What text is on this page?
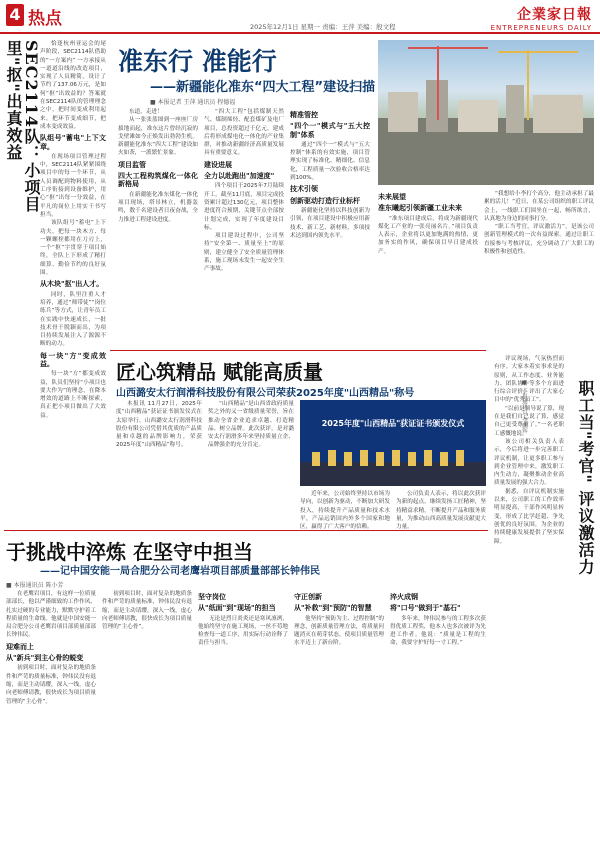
4 热点	2025年12月1日 星期一 责编：王萍 美编：殷文程
企業家日報
ENTREPRENEURS DAILY
SEC2114队：小项目里"抠"出真效益	恰逢杭州亚运会的尾声阶段，SEC2114队借助的“一方案内” 一方承接从一道道沿线的改造项目，实现了人员精简，设计了节约了137.06万元，是如何“抠”出效益的？答案就在SEC2114队的管理理念之中，把时间变成利用起来，把环节变成细节，把成本变成效益。

队组号"蓄电"上下文章。

在现场项目管理过程中，SEC2114队紧紧围绕项目中的每一个环节，从人员调配到物料使用，从工序衔接到设备维护，用心“抠”出每一分效益，在平凡的岗位上用实干书写担当。

该队组号“蓄电”上下功夫，把每一块木方、每一颗螺栓都用在刀刃上，一个“抠”字贯穿于项目始终，全队上下形成了精打细算、勤俭节约的良好氛围。

从木块"抠"出人才。

同时，队里注重人才培养，通过“师带徒”“岗位练兵”等方式，让青年员工在实践中快速成长，一批技术骨干脱颖而出，为项目持续发展注入了源源不断的动力。

每一块"方"变成效益。

每一块“方”都变成效益，队员们坚持“小项目也要大作为”的理念，在降本增效的道路上不断探索，真正把小项目做出了大效益。

准东行 准能行
——新疆能化准东“四大工程”建设扫描
■ 本报记者 王萍 通讯员 程德福

东道，走进！

从一张张蓝图到一座座厂房拔地而起，准东这片曾经沉寂的戈壁滩如今正焕发出勃勃生机。新疆能化准东“四大工程”建设如火如荼，一派繁忙景象。

项目监管
四大工程构筑煤化一体化新格局

在新疆能化准东煤化一体化项目现场，塔吊林立，机器轰鸣，数千名建设者日夜奋战，全力推进工程建设进度。

“四大工程”包括煤制天然气、煤制烯烃、配套煤矿及电厂项目，总投资超过千亿元，建成后将形成煤电化一体化的产业集群，对推动新疆经济高质量发展具有重要意义。

建设进展
全力以赴跑出"加速度"

四个项目于2025年7月陆续开工。截至11月底，项目完成投资累计超过130亿元，项目整体进度符合预期，关键节点全部按计划完成，实现了年度建设目标。

项目建设过程中，公司坚持“安全第一、质量至上”的原则，建立健全了安全质量管理体系，施工现场未发生一起安全生产事故。

精准管控
"四个一"模式与"五大控制"体系

通过“四个一”模式与“五大控制”体系的有效实施，项目管理实现了标准化、精细化、信息化，工程质量一次验收合格率达到100%。

技术引领
创新驱动打造行业标杆

新疆能化坚持以科技创新为引领，在项目建设中积极应用新技术、新工艺、新材料，多项技术达到国内领先水平。

未来展望
准东曦起引领新疆工业未来

“准东项目建成后，将成为新疆现代煤化工产业的一张亮丽名片。”项目负责人表示，企业将以更加饱满的热情、更加务实的作风，确保项目早日建成投产。

职工当"考官" 评议激活力
■ 本报通讯员 李鹏辉

“我想给小李打个高分，他主动承担了最累的活儿！”近日，在某公司组织的职工评议会上，一线职工们围坐在一起，畅所欲言，认真地为身边的同事打分。

“职工当考官，评议激活力”，是该公司创新管理模式的一次有益探索。通过让职工直接参与考核评议，充分调动了广大职工的积极性和创造性。

评议现场，气氛热烈而有序。大家本着实事求是的原则，从工作态度、业务能力、团队协作等多个方面进行综合评价，评出了大家心目中的“优秀员工”。

“以前是领导说了算，现在是我们自己说了算，感觉自己更受尊重了。”一名老职工感慨地说。

该公司相关负责人表示，今后将进一步完善职工评议机制，让更多职工参与到企业管理中来，激发职工内生动力，凝聚推动企业高质量发展的强大合力。

据悉，自评议机制实施以来，公司职工的工作效率明显提高，干部作风明显转变，形成了比学赶超、争先创优的良好氛围，为企业的持续健康发展提供了坚实保障。

匠心筑精品 赋能高质量
山西潞安太行润滑科技股份有限公司荣获2025年度"山西精品"称号
2025年度"山西精品"获证证书颁发仪式

本报讯 11月27日，2025年度“山西精品”获证证书颁发仪式在太原举行。山西潞安太行润滑科技股份有限公司凭借其优质的产品质量和卓越的品牌影响力，荣获2025年度“山西精品”称号。

“山西精品”是山西省政府质量奖之外的又一省级质量荣誉，旨在推动全省企业追求卓越、打造精品、树立品牌。此次获评，是对潞安太行润滑多年来坚持质量立企、品牌强企的充分肯定。

近年来，公司始终坚持以市场为导向，以创新为驱动，不断加大研发投入，持续提升产品质量和技术水平，产品远销国内外多个国家和地区，赢得了广大客户的信赖。

公司负责人表示，将以此次获评为新的起点，继续发扬工匠精神，坚持精益求精，不断提升产品和服务质量，为推动山西高质量发展贡献更大力量。

于挑战中淬炼 在坚守中担当
——记中国安能一局合肥分公司老鹰岩项目部质量部部长钟伟民
■ 本报通讯员 陈小芳

在老鹰岩项目，有这样一位质量部部长，他以严谨细致的工作作风、扎实过硬的专业能力，默默守护着工程质量的生命线。他就是中国安能一局合肥分公司老鹰岩项目部质量部部长钟伟民。

迎难而上
从"新兵"到主心骨的蜕变

初到项目时，面对复杂的地质条件和严苛的质量标准，钟伟民没有退缩，而是主动请缨，深入一线，虚心向老师傅请教，很快成长为项目质量管理的“主心骨”。

初到项目时，面对复杂的地质条件和严苛的质量标准，钟伟民没有退缩，而是主动请缨，深入一线，虚心向老师傅请教，很快成长为项目质量管理的“主心骨”。

坚守岗位
从"纸面"到"现场"的担当

无论是烈日炎炎还是寒风凛冽，他始终坚守在施工现场，一丝不苟地检查每一道工序，用实际行动诠释了责任与担当。

守正创新
从"补救"到"预防"的智慧

他坚持“预防为主、过程控制”的理念，创新质量管理方法，将质量问题消灭在萌芽状态，使项目质量管理水平迈上了新台阶。

淬火成钢
将"口号"做到于"基石"

多年来，钟伟民参与的工程多次获得优质工程奖，他本人也多次被评为先进工作者。他说：“质量是工程的生命，我要守护好每一寸工程。”
